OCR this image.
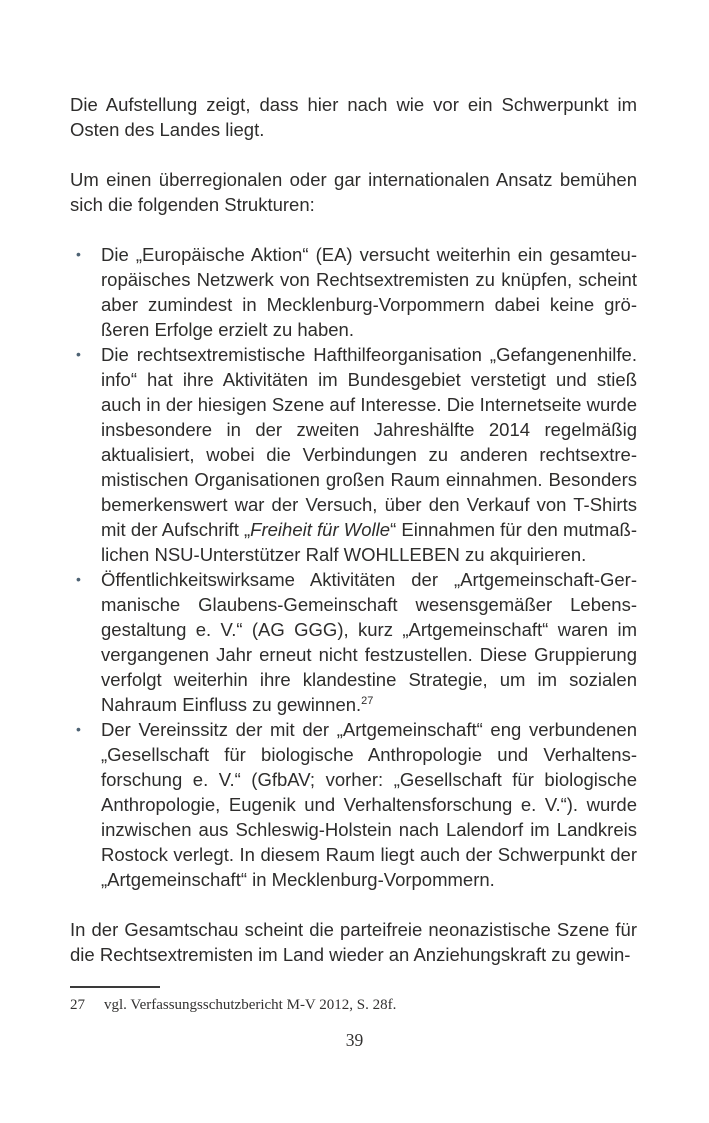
Die Aufstellung zeigt, dass hier nach wie vor ein Schwerpunkt im Osten des Landes liegt.

Um einen überregionalen oder gar internationalen Ansatz bemühen sich die folgenden Strukturen:

• Die „Europäische Aktion“ (EA) versucht weiterhin ein gesamteuropäisches Netzwerk von Rechtsextremisten zu knüpfen, scheint aber zumindest in Mecklenburg-Vorpommern dabei keine größeren Erfolge erzielt zu haben.
• Die rechtsextremistische Hafthilfeorganisation „Gefangenenhilfe.​info“ hat ihre Aktivitäten im Bundesgebiet verstetigt und stieß auch in der hiesigen Szene auf Interesse. Die Internetseite wurde insbesondere in der zweiten Jahreshälfte 2014 regelmäßig aktualisiert, wobei die Verbindungen zu anderen rechtsextremistischen Organisationen großen Raum einnahmen. Besonders bemerkenswert war der Versuch, über den Verkauf von T-Shirts mit der Aufschrift „Freiheit für Wolle“ Einnahmen für den mutmaßlichen NSU-Unterstützer Ralf WOHLLEBEN zu akquirieren.
• Öffentlichkeitswirksame Aktivitäten der „Artgemeinschaft-Germanische Glaubens-Gemeinschaft wesensgemäßer Lebensgestaltung e. V.“ (AG GGG), kurz „Artgemeinschaft“ waren im vergangenen Jahr erneut nicht festzustellen. Diese Gruppierung verfolgt weiterhin ihre klandestine Strategie, um im sozialen Nahraum Einfluss zu gewinnen.$^{27}$
• Der Vereinssitz der mit der „Artgemeinschaft“ eng verbundenen „Gesellschaft für biologische Anthropologie und Verhaltensforschung e. V.“ (GfbAV; vorher: „Gesellschaft für biologische Anthropologie, Eugenik und Verhaltensforschung e. V.“). wurde inzwischen aus Schleswig-Holstein nach Lalendorf im Landkreis Rostock verlegt. In diesem Raum liegt auch der Schwerpunkt der „Artgemeinschaft“ in Mecklenburg-Vorpommern.

In der Gesamtschau scheint die parteifreie neonazistische Szene für die Rechtsextremisten im Land wieder an Anziehungskraft zu gewin-

27	vgl. Verfassungsschutzbericht M-V 2012, S. 28f.
39
